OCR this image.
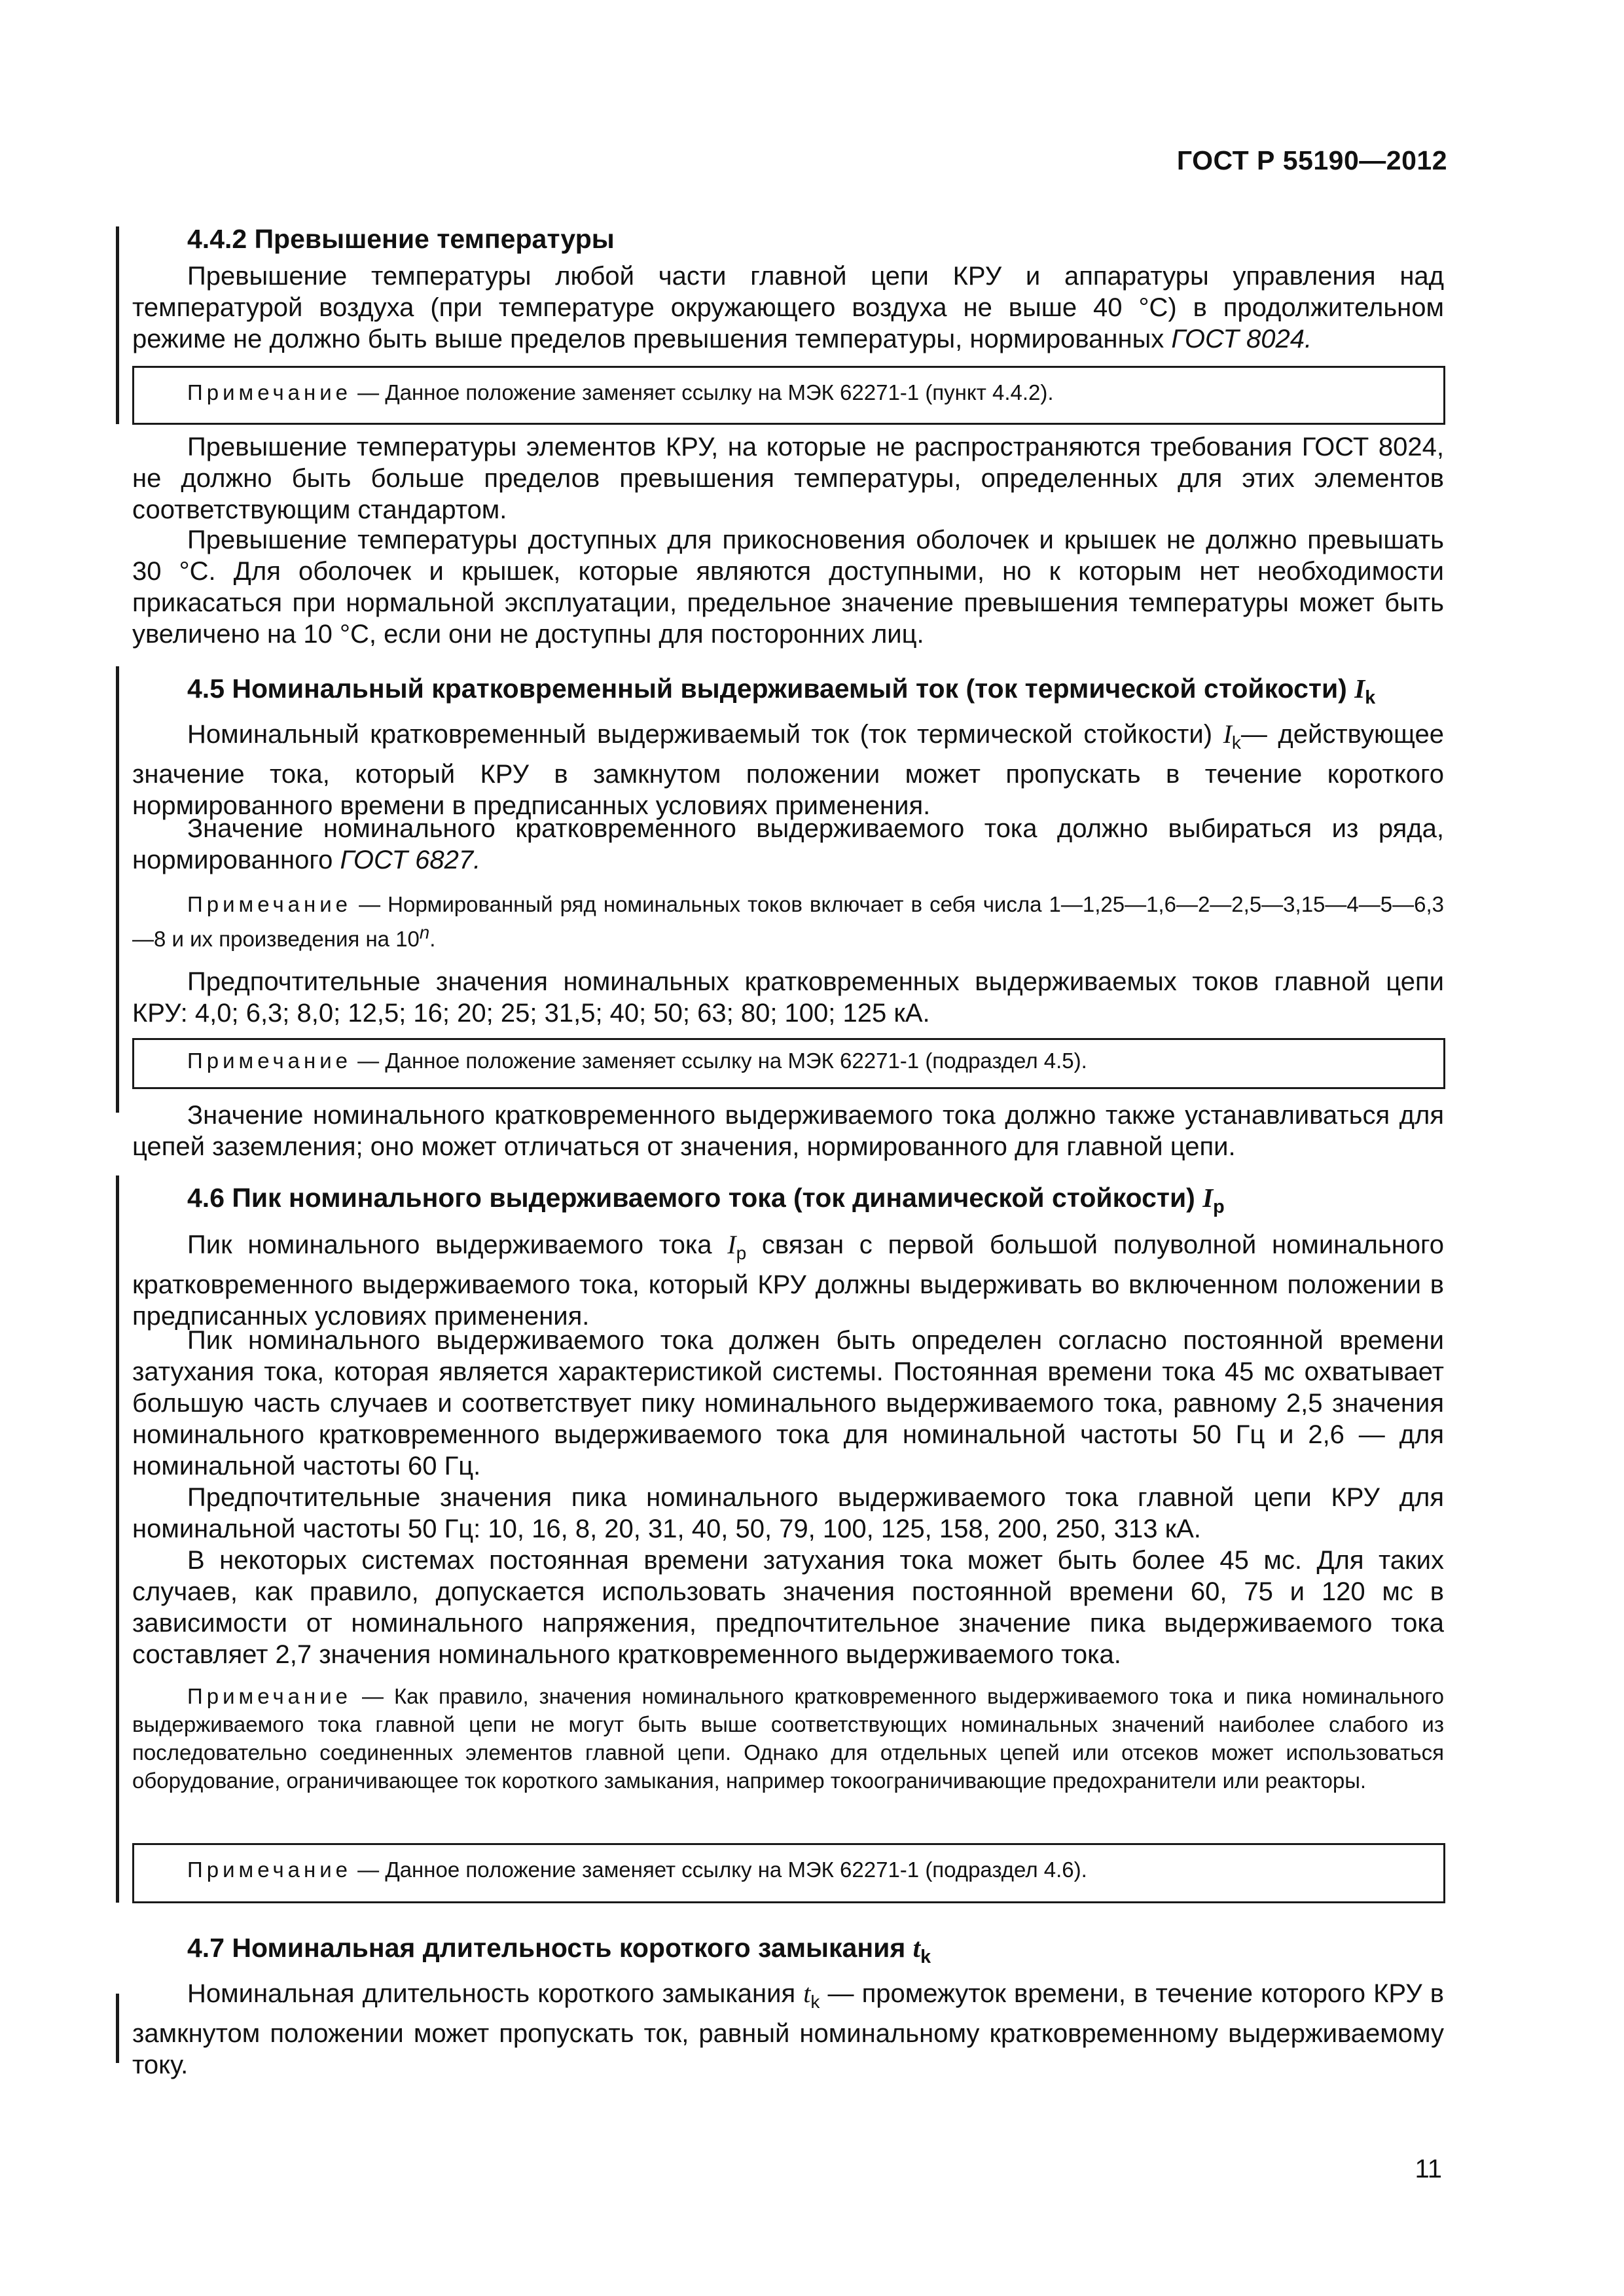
ГОСТ Р 55190—2012
4.4.2 Превышение температуры

Превышение температуры любой части главной цепи КРУ и аппаратуры управления над температурой воздуха (при температуре окружающего воздуха не выше 40 °С) в продолжительном режиме не должно быть выше пределов превышения температуры, нормированных ГОСТ 8024.

Примечание — Данное положение заменяет ссылку на МЭК 62271-1 (пункт 4.4.2).

Превышение температуры элементов КРУ, на которые не распространяются требования ГОСТ 8024, не должно быть больше пределов превышения температуры, определенных для этих элементов соответствующим стандартом.

Превышение температуры доступных для прикосновения оболочек и крышек не должно превышать 30 °С. Для оболочек и крышек, которые являются доступными, но к которым нет необходимости прикасаться при нормальной эксплуатации, предельное значение превышения температуры может быть увеличено на 10 °С, если они не доступны для посторонних лиц.

4.5 Номинальный кратковременный выдерживаемый ток (ток термической стойкости) $I_k$

Номинальный кратковременный выдерживаемый ток (ток термической стойкости) $I_k—$ действующее значение тока, который КРУ в замкнутом положении может пропускать в течение короткого нормированного времени в предписанных условиях применения.

Значение номинального кратковременного выдерживаемого тока должно выбираться из ряда, нормированного ГОСТ 6827.

Примечание — Нормированный ряд номинальных токов включает в себя числа 1—1,25—1,6—2—2,5—3,15—4—5—6,3—8 и их произведения на 10$^n$.

Предпочтительные значения номинальных кратковременных выдерживаемых токов главной цепи КРУ: 4,0; 6,3; 8,0; 12,5; 16; 20; 25; 31,5; 40; 50; 63; 80; 100; 125 кА.

Примечание — Данное положение заменяет ссылку на МЭК 62271-1 (подраздел 4.5).

Значение номинального кратковременного выдерживаемого тока должно также устанавливаться для цепей заземления; оно может отличаться от значения, нормированного для главной цепи.

4.6 Пик номинального выдерживаемого тока (ток динамической стойкости) $I_p$

Пик номинального выдерживаемого тока $I_p$ связан с первой большой полуволной номинального кратковременного выдерживаемого тока, который КРУ должны выдерживать во включенном положении в предписанных условиях применения.

Пик номинального выдерживаемого тока должен быть определен согласно постоянной времени затухания тока, которая является характеристикой системы. Постоянная времени тока 45 мс охватывает большую часть случаев и соответствует пику номинального выдерживаемого тока, равному 2,5 значения номинального кратковременного выдерживаемого тока для номинальной частоты 50 Гц и 2,6 — для номинальной частоты 60 Гц.

Предпочтительные значения пика номинального выдерживаемого тока главной цепи КРУ для номинальной частоты 50 Гц: 10, 16, 8, 20, 31, 40, 50, 79, 100, 125, 158, 200, 250, 313 кА.

В некоторых системах постоянная времени затухания тока может быть более 45 мс. Для таких случаев, как правило, допускается использовать значения постоянной времени 60, 75 и 120 мс в зависимости от номинального напряжения, предпочтительное значение пика выдерживаемого тока составляет 2,7 значения номинального кратковременного выдерживаемого тока.

Примечание — Как правило, значения номинального кратковременного выдерживаемого тока и пика номинального выдерживаемого тока главной цепи не могут быть выше соответствующих номинальных значений наиболее слабого из последовательно соединенных элементов главной цепи. Однако для отдельных цепей или отсеков может использоваться оборудование, ограничивающее ток короткого замыкания, например токоограничивающие предохранители или реакторы.

Примечание — Данное положение заменяет ссылку на МЭК 62271-1 (подраздел 4.6).

4.7 Номинальная длительность короткого замыкания $t_k$

Номинальная длительность короткого замыкания $t_k$ — промежуток времени, в течение которого КРУ в замкнутом положении может пропускать ток, равный номинальному кратковременному выдерживаемому току.

11
